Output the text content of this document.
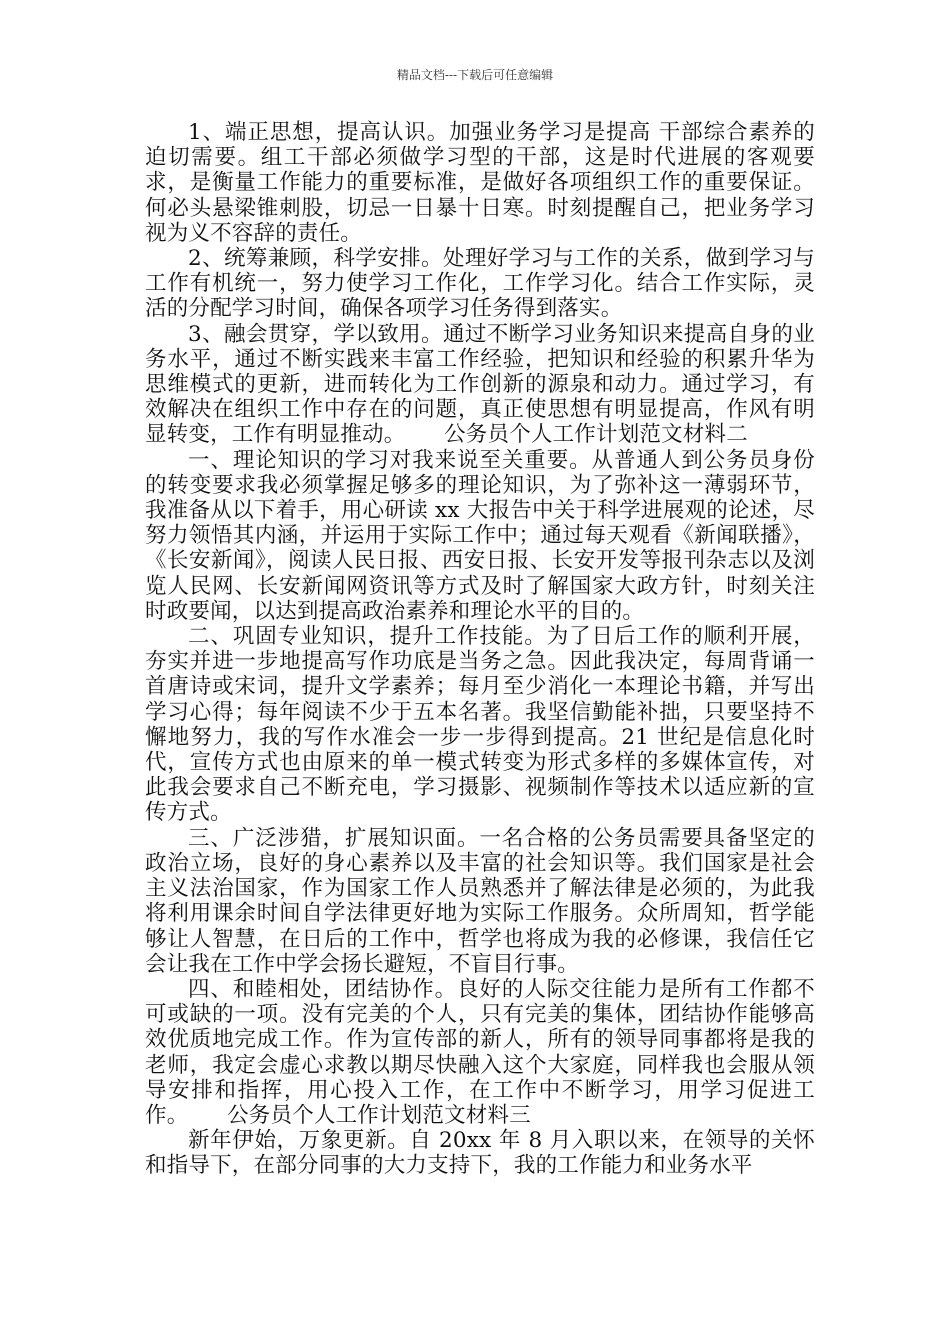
精品文档---下载后可任意编辑

1、端正思想，提高认识。加强业务学习是提高 干部综合素养的迫切需要。组工干部必须做学习型的干部，这是时代进展的客观要求，是衡量工作能力的重要标准，是做好各项组织工作的重要保证。何必头悬梁锥刺股，切忌一日暴十日寒。时刻提醒自己，把业务学习视为义不容辞的责任。

2、统筹兼顾，科学安排。处理好学习与工作的关系，做到学习与工作有机统一，努力使学习工作化，工作学习化。结合工作实际，灵活的分配学习时间，确保各项学习任务得到落实。

3、融会贯穿，学以致用。通过不断学习业务知识来提高自身的业务水平，通过不断实践来丰富工作经验，把知识和经验的积累升华为思维模式的更新，进而转化为工作创新的源泉和动力。通过学习，有效解决在组织工作中存在的问题，真正使思想有明显提高，作风有明显转变，工作有明显推动。 公务员个人工作计划范文材料二

一、理论知识的学习对我来说至关重要。从普通人到公务员身份的转变要求我必须掌握足够多的理论知识，为了弥补这一薄弱环节，我准备从以下着手，用心研读 xx 大报告中关于科学进展观的论述，尽努力领悟其内涵，并运用于实际工作中；通过每天观看《新闻联播》，《长安新闻》，阅读人民日报、西安日报、长安开发等报刊杂志以及浏览人民网、长安新闻网资讯等方式及时了解国家大政方针，时刻关注时政要闻，以达到提高政治素养和理论水平的目的。

二、巩固专业知识，提升工作技能。为了日后工作的顺利开展，夯实并进一步地提高写作功底是当务之急。因此我决定，每周背诵一首唐诗或宋词，提升文学素养；每月至少消化一本理论书籍，并写出学习心得；每年阅读不少于五本名著。我坚信勤能补拙，只要坚持不懈地努力，我的写作水准会一步一步得到提高。21 世纪是信息化时代，宣传方式也由原来的单一模式转变为形式多样的多媒体宣传，对此我会要求自己不断充电，学习摄影、视频制作等技术以适应新的宣传方式。

三、广泛涉猎，扩展知识面。一名合格的公务员需要具备坚定的政治立场，良好的身心素养以及丰富的社会知识等。我们国家是社会主义法治国家，作为国家工作人员熟悉并了解法律是必须的，为此我将利用课余时间自学法律更好地为实际工作服务。众所周知，哲学能够让人智慧，在日后的工作中，哲学也将成为我的必修课，我信任它会让我在工作中学会扬长避短，不盲目行事。

四、和睦相处，团结协作。良好的人际交往能力是所有工作都不可或缺的一项。没有完美的个人，只有完美的集体，团结协作能够高效优质地完成工作。作为宣传部的新人，所有的领导同事都将是我的老师，我定会虚心求教以期尽快融入这个大家庭，同样我也会服从领导安排和指挥，用心投入工作，在工作中不断学习，用学习促进工作。 公务员个人工作计划范文材料三

新年伊始，万象更新。自 20xx 年 8 月入职以来，在领导的关怀和指导下，在部分同事的大力支持下，我的工作能力和业务水平
